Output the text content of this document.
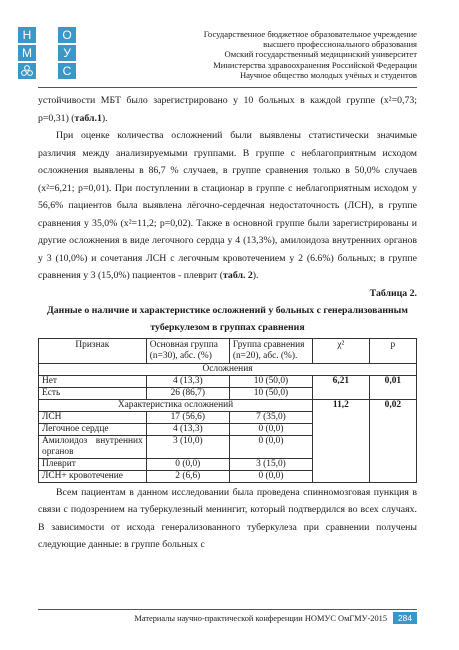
Н	О
М	У
С
Государственное бюджетное образовательное учреждение
высшего профессионального образования
Омский государственный медицинский университет
Министерства здравоохранения Российской Федерации
Научное общество молодых учёных и студентов

устойчивости МБТ было зарегистрировано у 10 больных в каждой группе (x²=0,73; p=0,31) (табл.1).

При оценке количества осложнений были выявлены статистически значимые различия между анализируемыми группами. В группе с неблагоприятным исходом осложнения выявлены в 86,7 % случаев, в группе сравнения только в 50,0% случаев (x²=6,21; p=0,01). При поступлении в стационар в группе с неблагоприятным исходом у 56,6% пациентов была выявлена лёгочно-сердечная недостаточность (ЛСН), в группе сравнения у 35,0% (x²=11,2; p=0,02). Также в основной группе были зарегистрированы и другие осложнения в виде легочного сердца у 4 (13,3%), амилоидоза внутренних органов у 3 (10,0%) и сочетания ЛСН с легочным кровотечением у 2 (6.6%) больных; в группе сравнения у 3 (15,0%) пациентов - плеврит (табл. 2).

Таблица 2.

Данные о наличие и характеристике осложнений у больных с генерализованным туберкулезом в группах сравнения

Признак	Основная группа (n=30), абс. (%)	Группа сравнения (n=20), абс. (%).	χ²	p
Осложнения				
Нет	4 (13,3)	10 (50,0)	6,21	0,01
Есть	26 (86,7)	10 (50,0)		
Характеристика осложнений			11,2	0,02
ЛСН	17 (56,6)	7 (35,0)		
Легочное сердце	4 (13,3)	0 (0,0)		
Амилоидоз внутренних органов	3 (10,0)	0 (0,0)		
Плеврит	0 (0,0)	3 (15,0)		
ЛСН+ кровотечение	2 (6,6)	0 (0,0)		

Всем пациентам в данном исследовании была проведена спинномозговая пункция в связи с подозрением на туберкулезный менингит, который подтвердился во всех случаях. В зависимости от исхода генерализованного туберкулеза при сравнении получены следующие данные: в группе больных с

Материалы научно-практической конференции НОМУС ОмГМУ-2015	284
